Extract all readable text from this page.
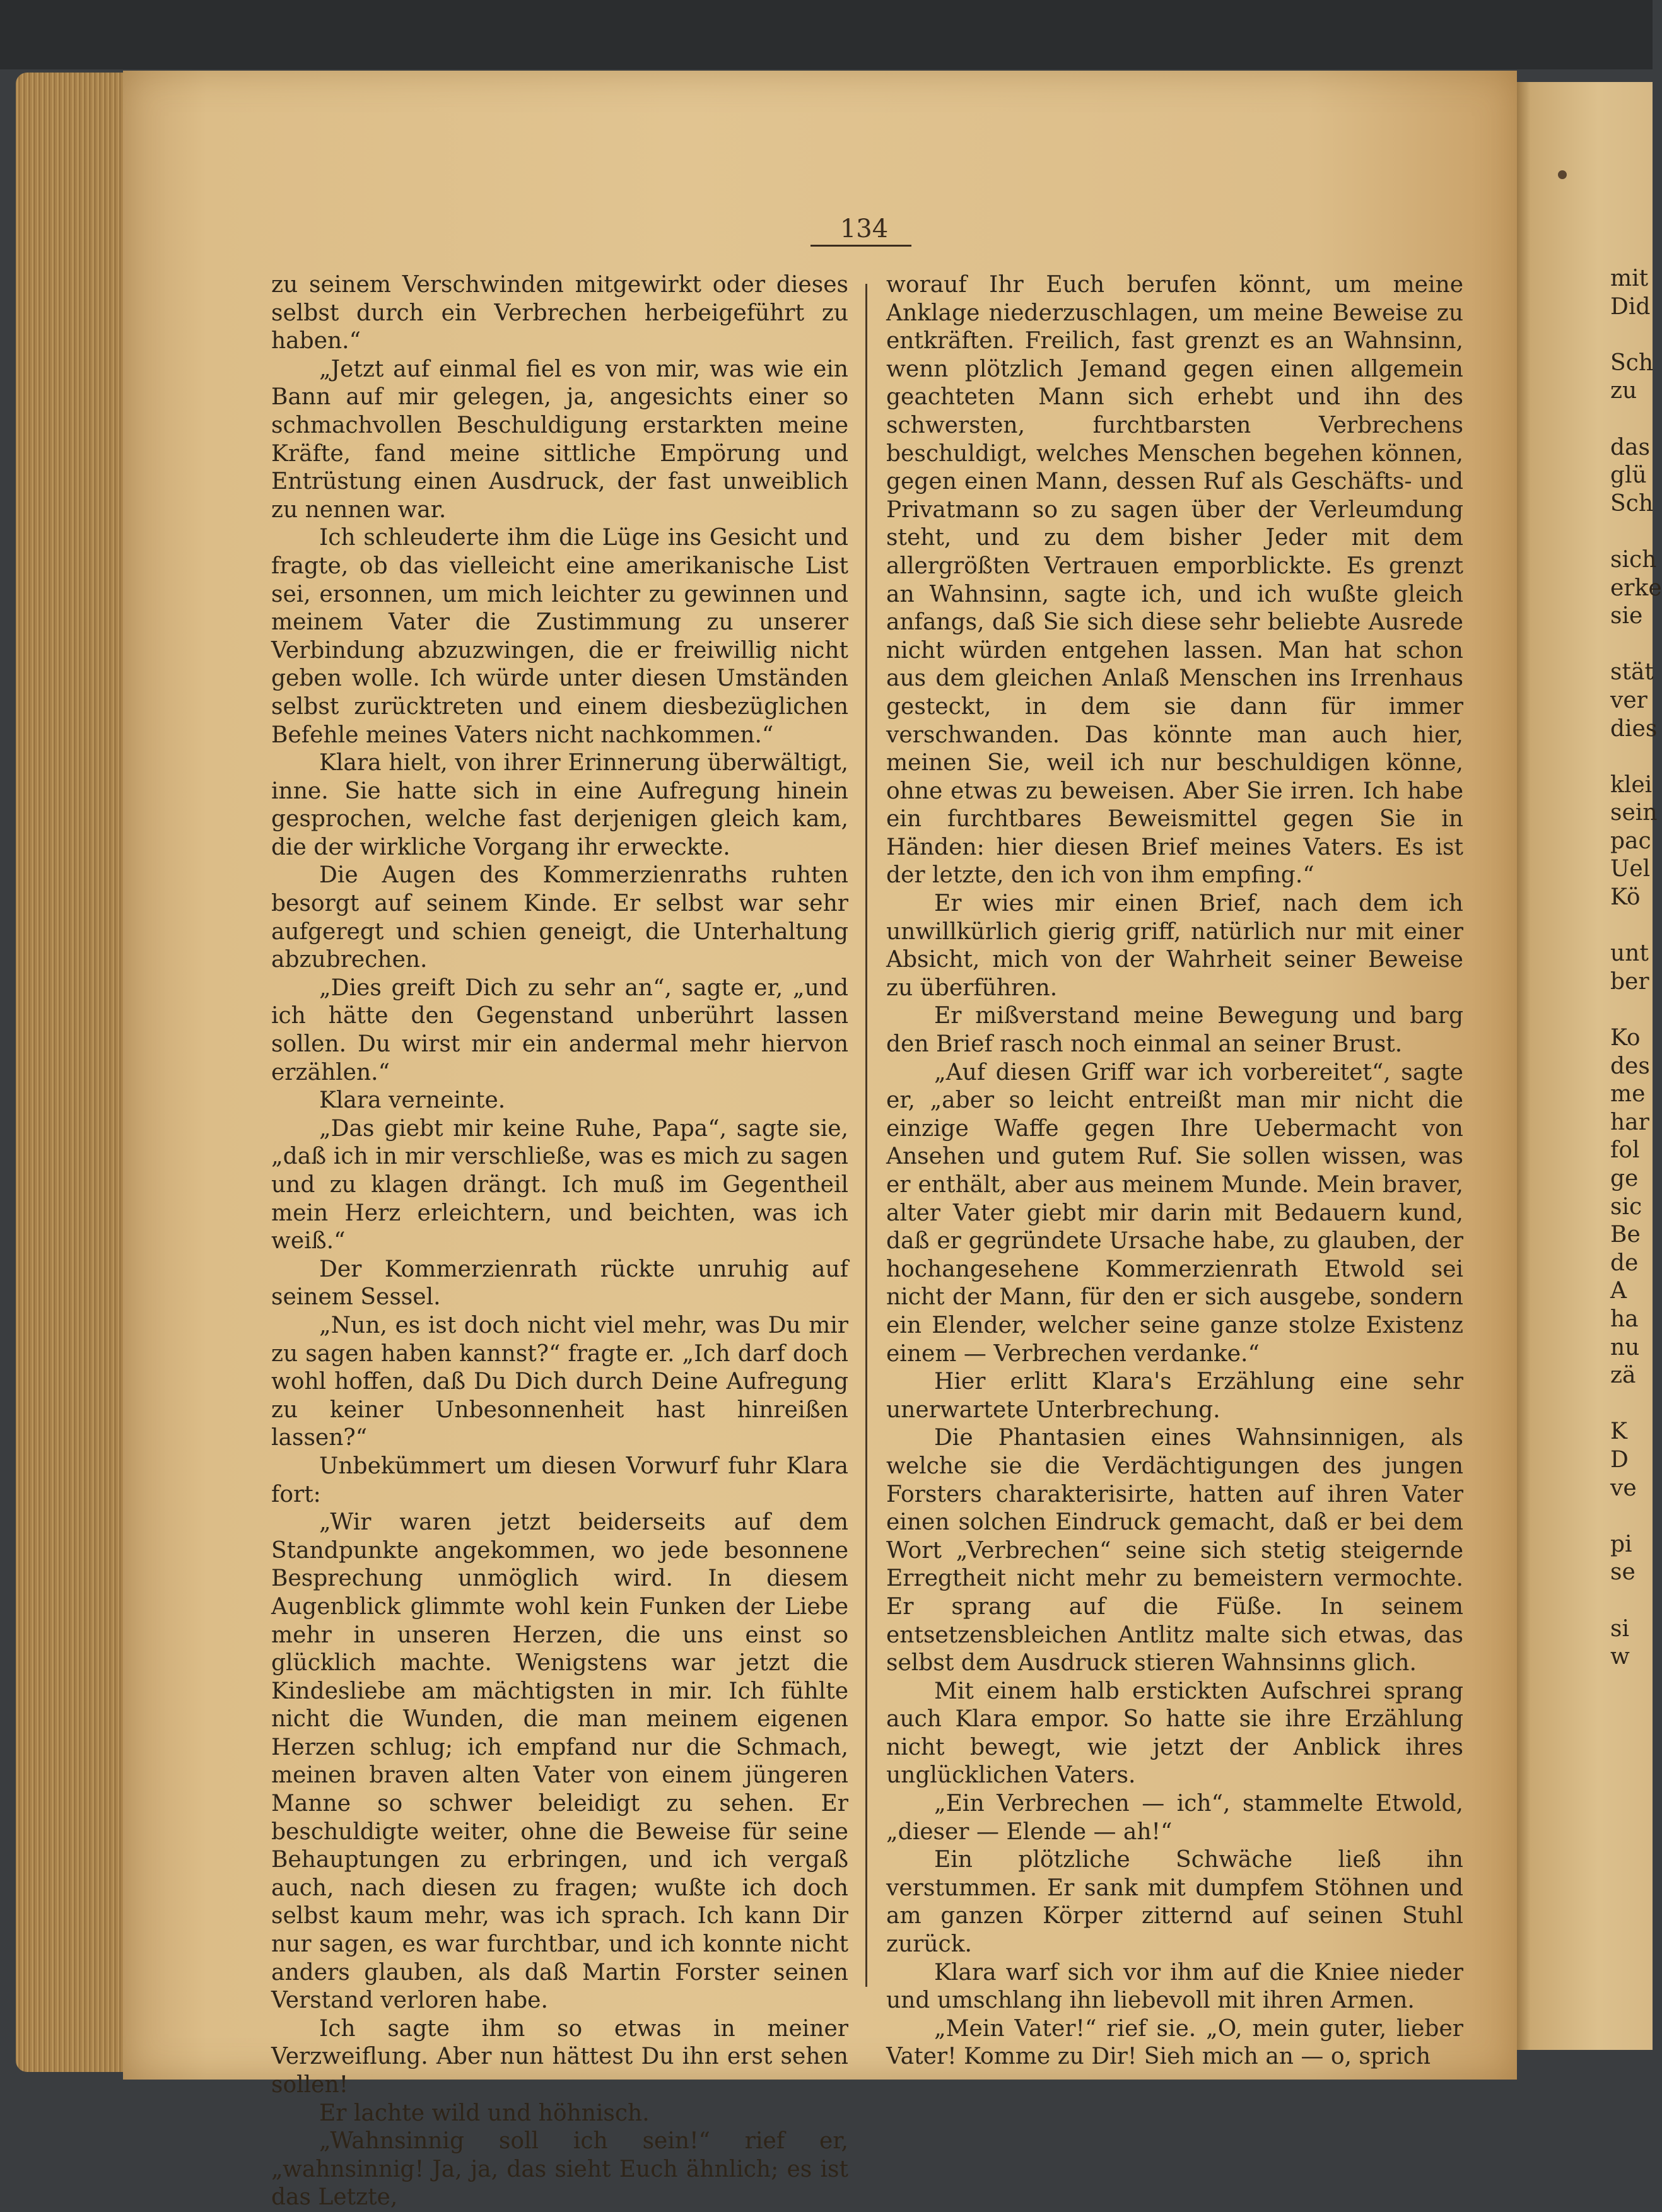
134

zu seinem Verschwinden mitgewirkt oder dieses selbst durch ein Verbrechen herbeigeführt zu haben.“

„Jetzt auf einmal fiel es von mir, was wie ein Bann auf mir gelegen, ja, angesichts einer so schmachvollen Beschuldigung erstarkten meine Kräfte, fand meine sittliche Empörung und Entrüstung einen Ausdruck, der fast unweiblich zu nennen war.

Ich schleuderte ihm die Lüge ins Gesicht und fragte, ob das vielleicht eine amerikanische List sei, ersonnen, um mich leichter zu gewinnen und meinem Vater die Zustimmung zu unserer Verbindung abzuzwingen, die er freiwillig nicht geben wolle. Ich würde unter diesen Umständen selbst zurücktreten und einem diesbezüglichen Befehle meines Vaters nicht nachkommen.“

Klara hielt, von ihrer Erinnerung überwältigt, inne. Sie hatte sich in eine Aufregung hinein gesprochen, welche fast derjenigen gleich kam, die der wirkliche Vorgang ihr erweckte.

Die Augen des Kommerzienraths ruhten besorgt auf seinem Kinde. Er selbst war sehr aufgeregt und schien geneigt, die Unterhaltung abzubrechen.

„Dies greift Dich zu sehr an“, sagte er, „und ich hätte den Gegenstand unberührt lassen sollen. Du wirst mir ein andermal mehr hiervon erzählen.“

Klara verneinte.

„Das giebt mir keine Ruhe, Papa“, sagte sie, „daß ich in mir verschließe, was es mich zu sagen und zu klagen drängt. Ich muß im Gegentheil mein Herz erleichtern, und beichten, was ich weiß.“

Der Kommerzienrath rückte unruhig auf seinem Sessel.

„Nun, es ist doch nicht viel mehr, was Du mir zu sagen haben kannst?“ fragte er. „Ich darf doch wohl hoffen, daß Du Dich durch Deine Aufregung zu keiner Unbesonnenheit hast hinreißen lassen?“

Unbekümmert um diesen Vorwurf fuhr Klara fort:

„Wir waren jetzt beiderseits auf dem Standpunkte angekommen, wo jede besonnene Besprechung unmöglich wird. In diesem Augenblick glimmte wohl kein Funken der Liebe mehr in unseren Herzen, die uns einst so glücklich machte. Wenigstens war jetzt die Kindesliebe am mächtigsten in mir. Ich fühlte nicht die Wunden, die man meinem eigenen Herzen schlug; ich empfand nur die Schmach, meinen braven alten Vater von einem jüngeren Manne so schwer beleidigt zu sehen. Er beschuldigte weiter, ohne die Beweise für seine Behauptungen zu erbringen, und ich vergaß auch, nach diesen zu fragen; wußte ich doch selbst kaum mehr, was ich sprach. Ich kann Dir nur sagen, es war furchtbar, und ich konnte nicht anders glauben, als daß Martin Forster seinen Verstand verloren habe.

Ich sagte ihm so etwas in meiner Verzweiflung. Aber nun hättest Du ihn erst sehen sollen!

Er lachte wild und höhnisch.

„Wahnsinnig soll ich sein!“ rief er, „wahnsinnig! Ja, ja, das sieht Euch ähnlich; es ist das Letzte,

worauf Ihr Euch berufen könnt, um meine Anklage niederzuschlagen, um meine Beweise zu entkräften. Freilich, fast grenzt es an Wahnsinn, wenn plötzlich Jemand gegen einen allgemein geachteten Mann sich erhebt und ihn des schwersten, furchtbarsten Verbrechens beschuldigt, welches Menschen begehen können, gegen einen Mann, dessen Ruf als Geschäfts- und Privatmann so zu sagen über der Verleumdung steht, und zu dem bisher Jeder mit dem allergrößten Vertrauen emporblickte. Es grenzt an Wahnsinn, sagte ich, und ich wußte gleich anfangs, daß Sie sich diese sehr beliebte Ausrede nicht würden entgehen lassen. Man hat schon aus dem gleichen Anlaß Menschen ins Irrenhaus gesteckt, in dem sie dann für immer verschwanden. Das könnte man auch hier, meinen Sie, weil ich nur beschuldigen könne, ohne etwas zu beweisen. Aber Sie irren. Ich habe ein furchtbares Beweismittel gegen Sie in Händen: hier diesen Brief meines Vaters. Es ist der letzte, den ich von ihm empfing.“

Er wies mir einen Brief, nach dem ich unwillkürlich gierig griff, natürlich nur mit einer Absicht, mich von der Wahrheit seiner Beweise zu überführen.

Er mißverstand meine Bewegung und barg den Brief rasch noch einmal an seiner Brust.

„Auf diesen Griff war ich vorbereitet“, sagte er, „aber so leicht entreißt man mir nicht die einzige Waffe gegen Ihre Uebermacht von Ansehen und gutem Ruf. Sie sollen wissen, was er enthält, aber aus meinem Munde. Mein braver, alter Vater giebt mir darin mit Bedauern kund, daß er gegründete Ursache habe, zu glauben, der hochangesehene Kommerzienrath Etwold sei nicht der Mann, für den er sich ausgebe, sondern ein Elender, welcher seine ganze stolze Existenz einem — Verbrechen verdanke.“

Hier erlitt Klara's Erzählung eine sehr unerwartete Unterbrechung.

Die Phantasien eines Wahnsinnigen, als welche sie die Verdächtigungen des jungen Forsters charakterisirte, hatten auf ihren Vater einen solchen Eindruck gemacht, daß er bei dem Wort „Verbrechen“ seine sich stetig steigernde Erregtheit nicht mehr zu bemeistern vermochte. Er sprang auf die Füße. In seinem entsetzensbleichen Antlitz malte sich etwas, das selbst dem Ausdruck stieren Wahnsinns glich.

Mit einem halb erstickten Aufschrei sprang auch Klara empor. So hatte sie ihre Erzählung nicht bewegt, wie jetzt der Anblick ihres unglücklichen Vaters.

„Ein Verbrechen — ich“, stammelte Etwold, „dieser — Elende — ah!“

Ein plötzliche Schwäche ließ ihn verstummen. Er sank mit dumpfem Stöhnen und am ganzen Körper zitternd auf seinen Stuhl zurück.

Klara warf sich vor ihm auf die Kniee nieder und umschlang ihn liebevoll mit ihren Armen.

„Mein Vater!“ rief sie. „O, mein guter, lieber Vater! Komme zu Dir! Sieh mich an — o, sprich

mit
Did
Sch
zu
das
glü
Sch
sich
erke
sie
stät
ver
dies
klei
sein
pac
Uel
Kö
unt
ber
Ko
des
me
har
fol
ge
sic
Be
de
A
ha
nu
zä
K
D
ve
pi
se
si
w
